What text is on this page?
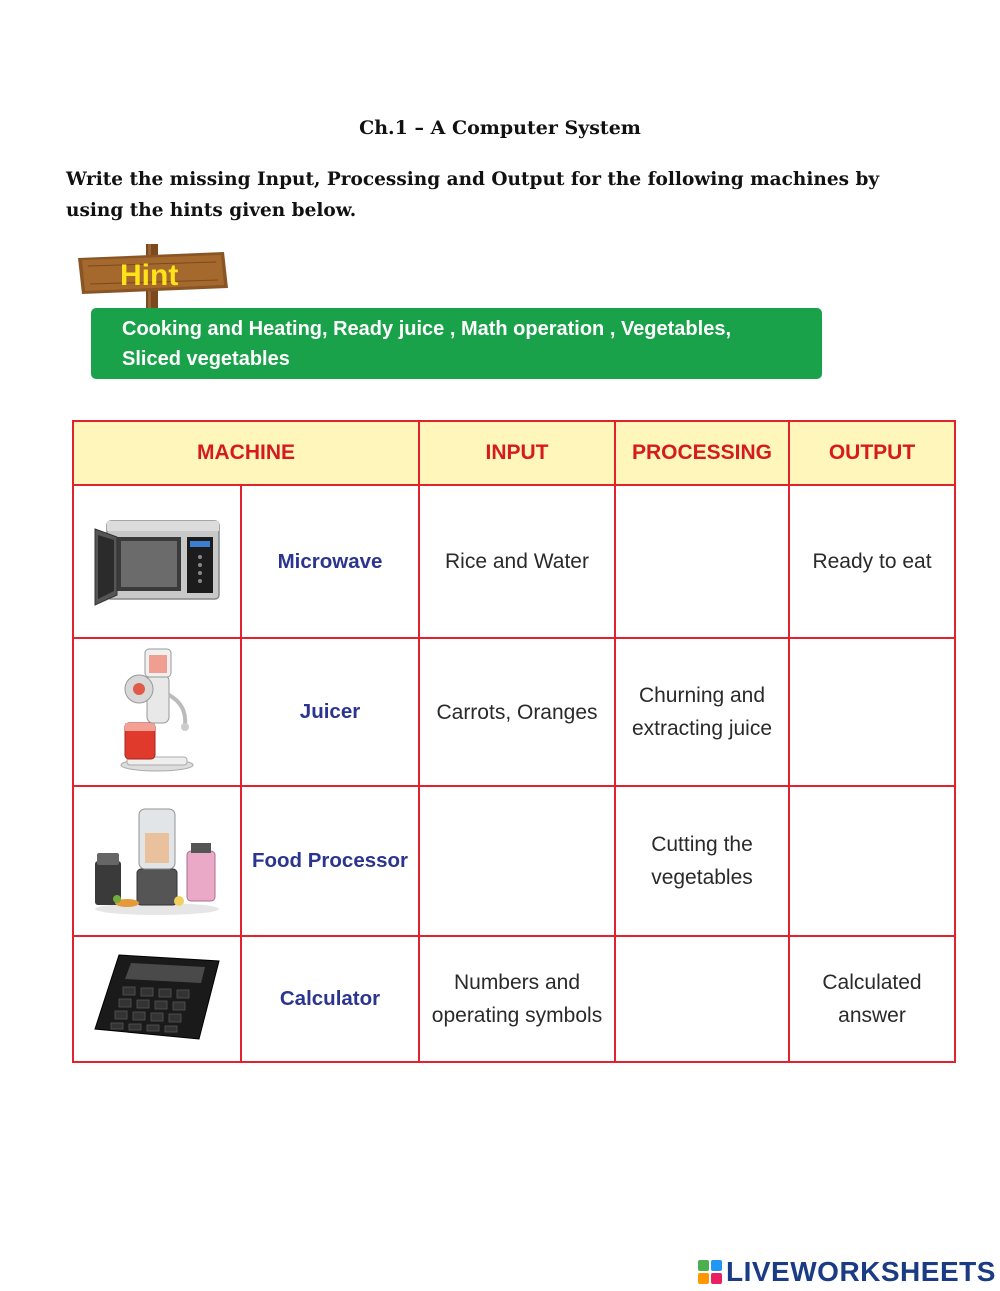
Ch.1 – A Computer System
Write the missing Input, Processing and Output for the following machines by using the hints given below.
Hint
Cooking and Heating, Ready juice , Math operation , Vegetables, Sliced vegetables
MACHINE		INPUT	PROCESSING	OUTPUT
	Microwave	Rice and Water		Ready to eat
	Juicer	Carrots, Oranges	Churning and extracting juice	

	Food Processor		Cutting the vegetables	

	Calculator	Numbers and operating symbols		Calculated answer
LIVEWORKSHEETS
